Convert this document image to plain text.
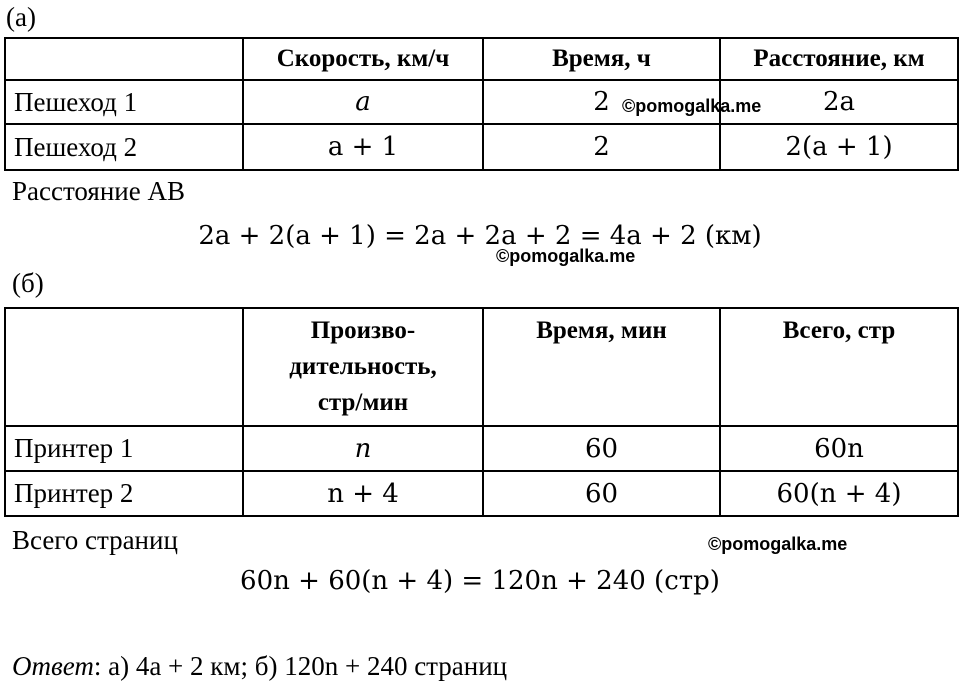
(а)
	Скорость, км/ч	Время, ч	Расстояние, км
Пешеход 1	a	2	2a
Пешеход 2	a + 1	2	2(a + 1)
©pomogalka.me
Расстояние AB
2a + 2(a + 1) = 2a + 2a + 2 = 4a + 2 (км)
©pomogalka.me
(б)
	Произво-
дительность,
стр/мин	Время, мин	Всего, стр
Принтер 1	n	60	60n
Принтер 2	n + 4	60	60(n + 4)
Всего страниц	©pomogalka.me
60n + 60(n + 4) = 120n + 240 (стр)
Ответ: а) 4a + 2 км; б) 120n + 240 страниц
